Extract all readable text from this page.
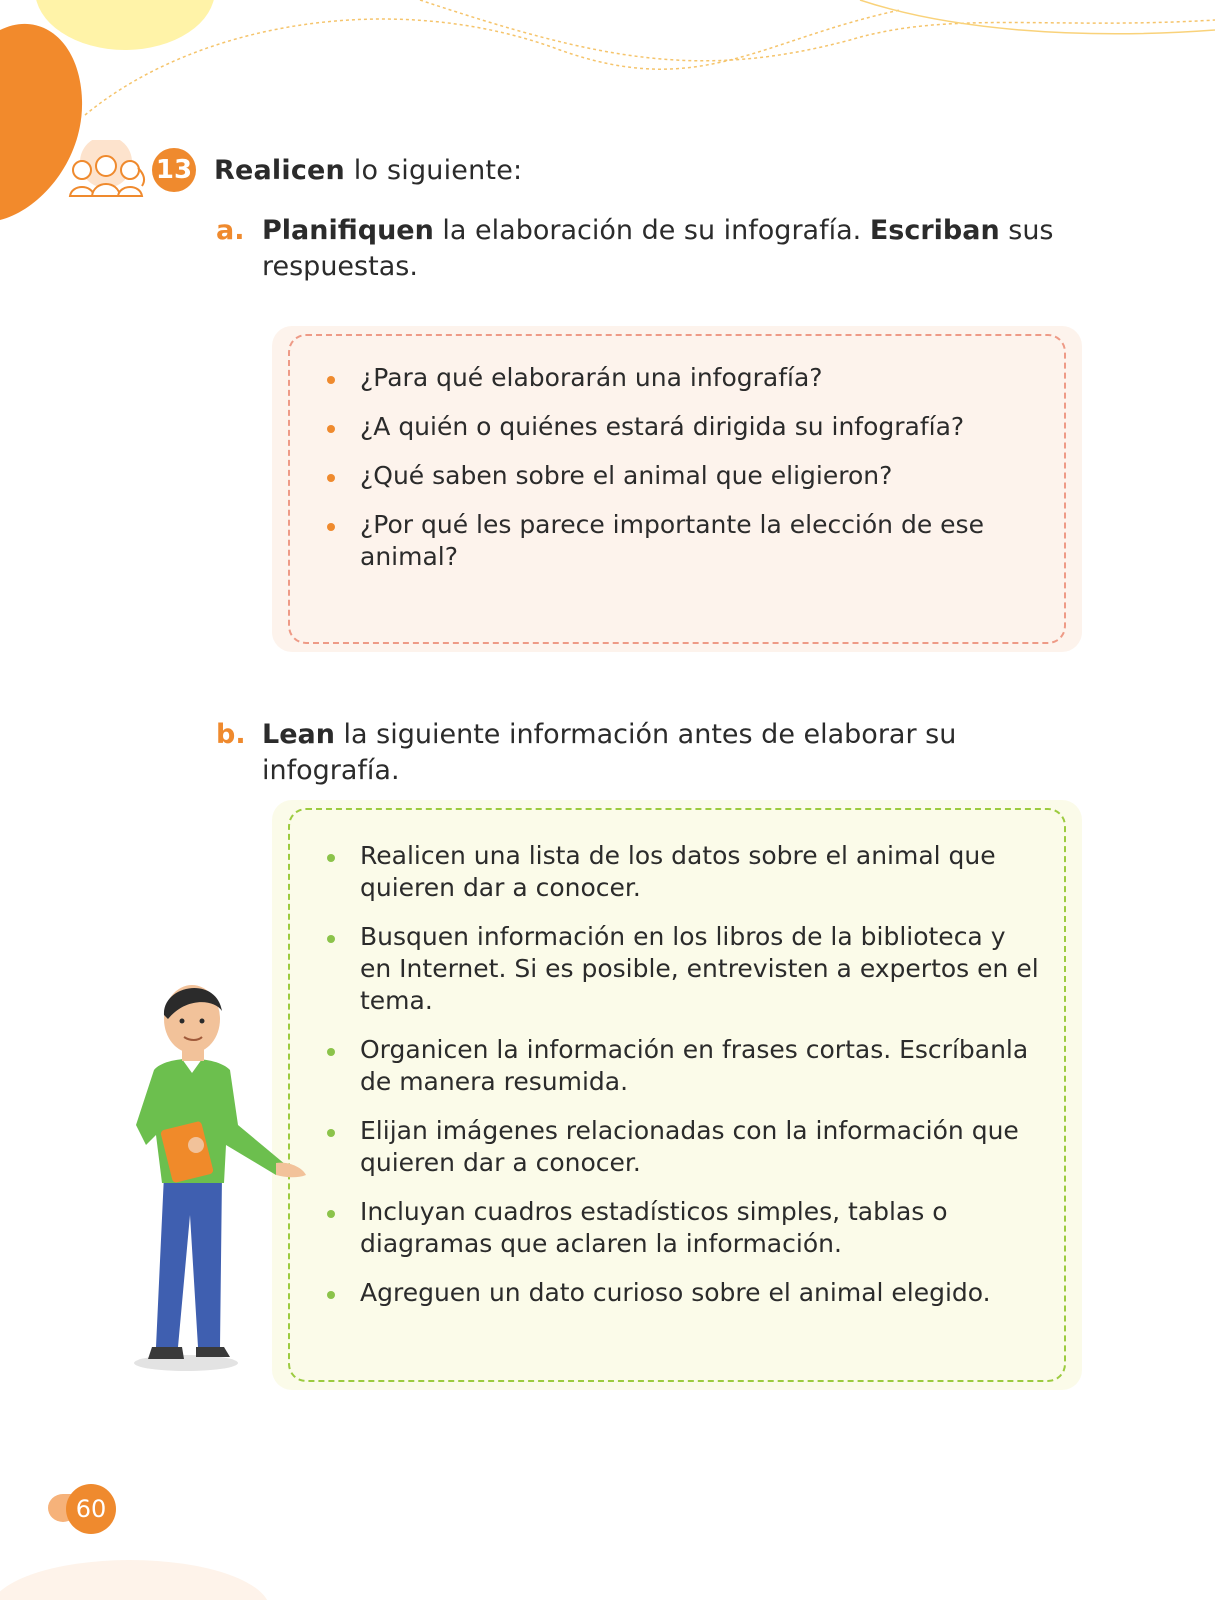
13 Realicen lo siguiente:
a. Planifiquen la elaboración de su infografía. Escriban sus respuestas.
¿Para qué elaborarán una infografía?
¿A quién o quiénes estará dirigida su infografía?
¿Qué saben sobre el animal que eligieron?
¿Por qué les parece importante la elección de ese animal?
b. Lean la siguiente información antes de elaborar su infografía.
Realicen una lista de los datos sobre el animal que quieren dar a conocer.
Busquen información en los libros de la biblioteca y en Internet. Si es posible, entrevisten a expertos en el tema.
Organicen la información en frases cortas. Escríbanla de manera resumida.
Elijan imágenes relacionadas con la información que quieren dar a conocer.
Incluyan cuadros estadísticos simples, tablas o diagramas que aclaren la información.
Agreguen un dato curioso sobre el animal elegido.
60
